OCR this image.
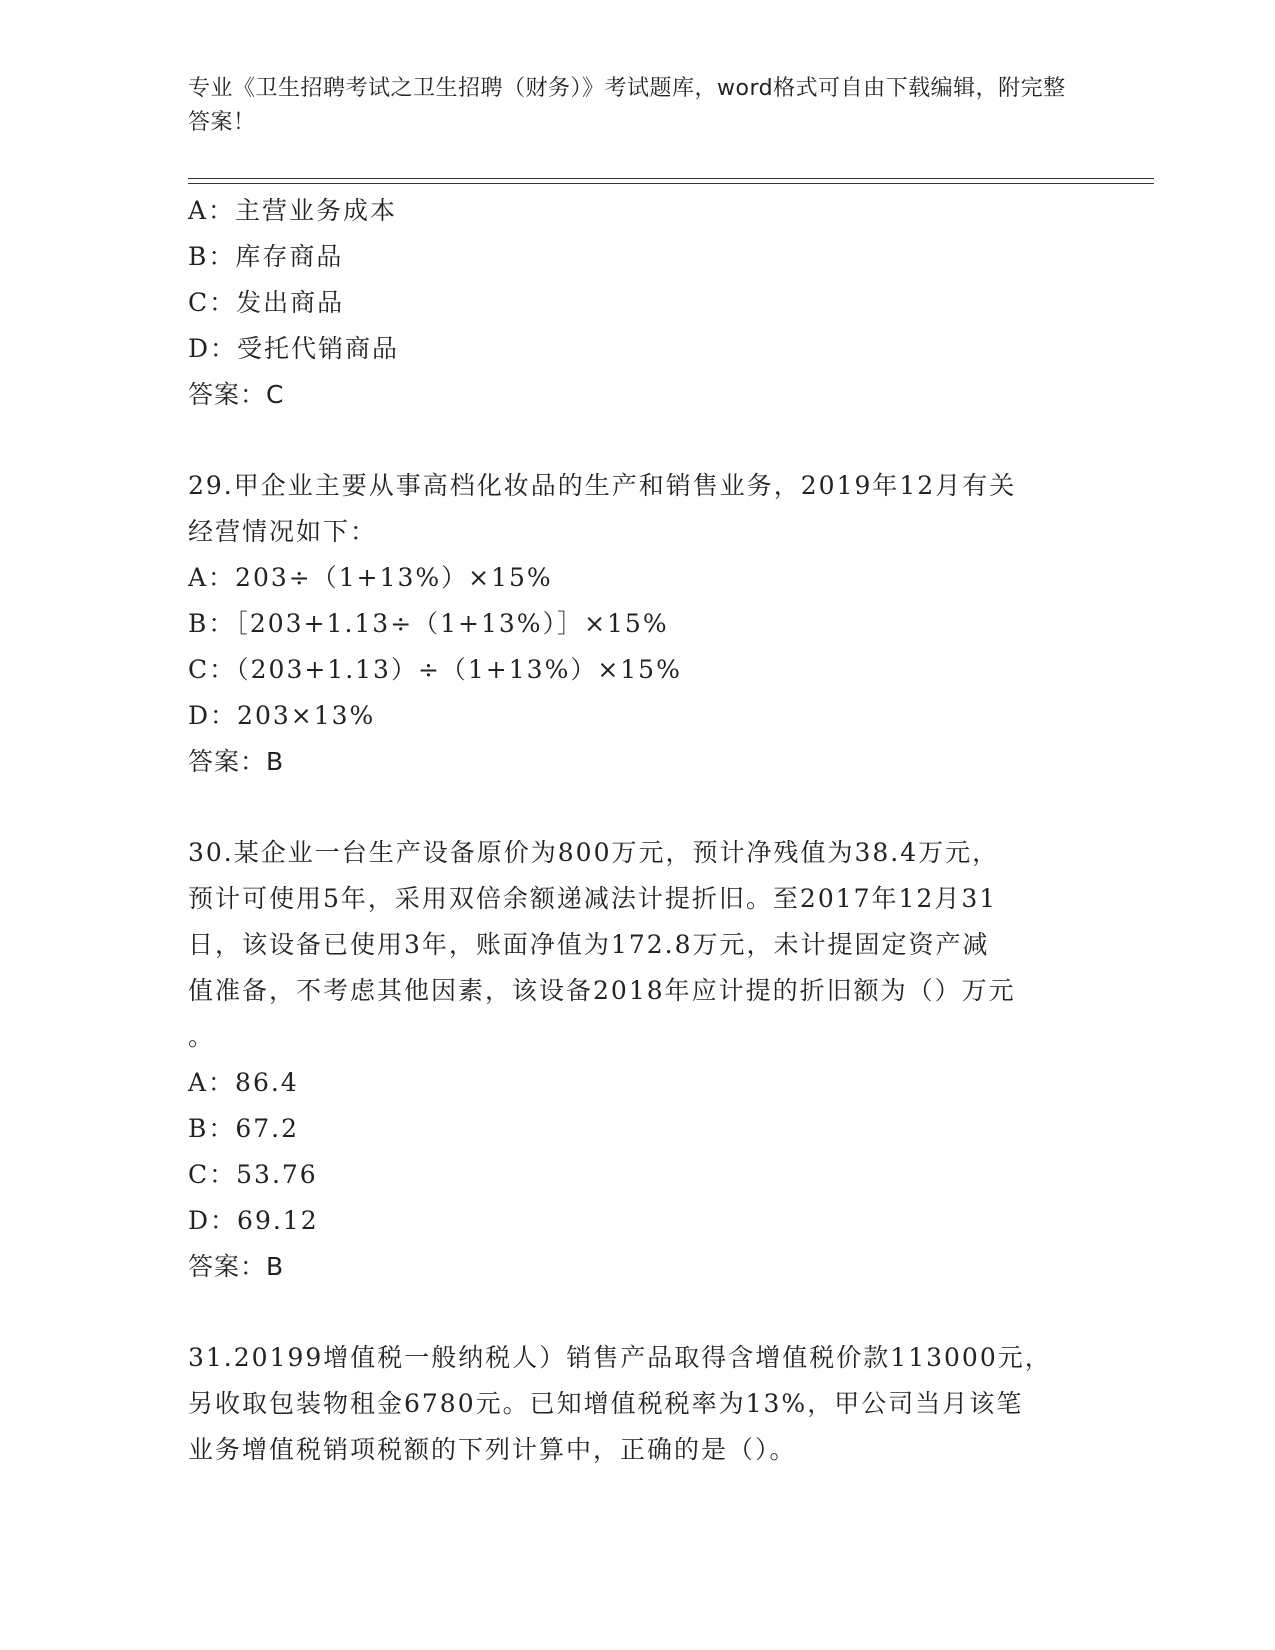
专业《卫生招聘考试之卫生招聘（财务）》考试题库，word格式可自由下载编辑，附完整答案！
A：主营业务成本
B：库存商品
C：发出商品
D：受托代销商品
答案：C
29.甲企业主要从事高档化妆品的生产和销售业务，2019年12月有关
经营情况如下：
A：203÷（1+13%）×15%
B：［203+1.13÷（1+13%）］×15%
C：（203+1.13）÷（1+13%）×15%
D：203×13%
答案：B
30.某企业一台生产设备原价为800万元，预计净残值为38.4万元，
预计可使用5年，采用双倍余额递减法计提折旧。至2017年12月31
日，该设备已使用3年，账面净值为172.8万元，未计提固定资产减
值准备，不考虑其他因素，该设备2018年应计提的折旧额为（）万元
。
A：86.4
B：67.2
C：53.76
D：69.12
答案：B
31.20199增值税一般纳税人）销售产品取得含增值税价款113000元，
另收取包装物租金6780元。已知增值税税率为13%，甲公司当月该笔
业务增值税销项税额的下列计算中，正确的是（）。
